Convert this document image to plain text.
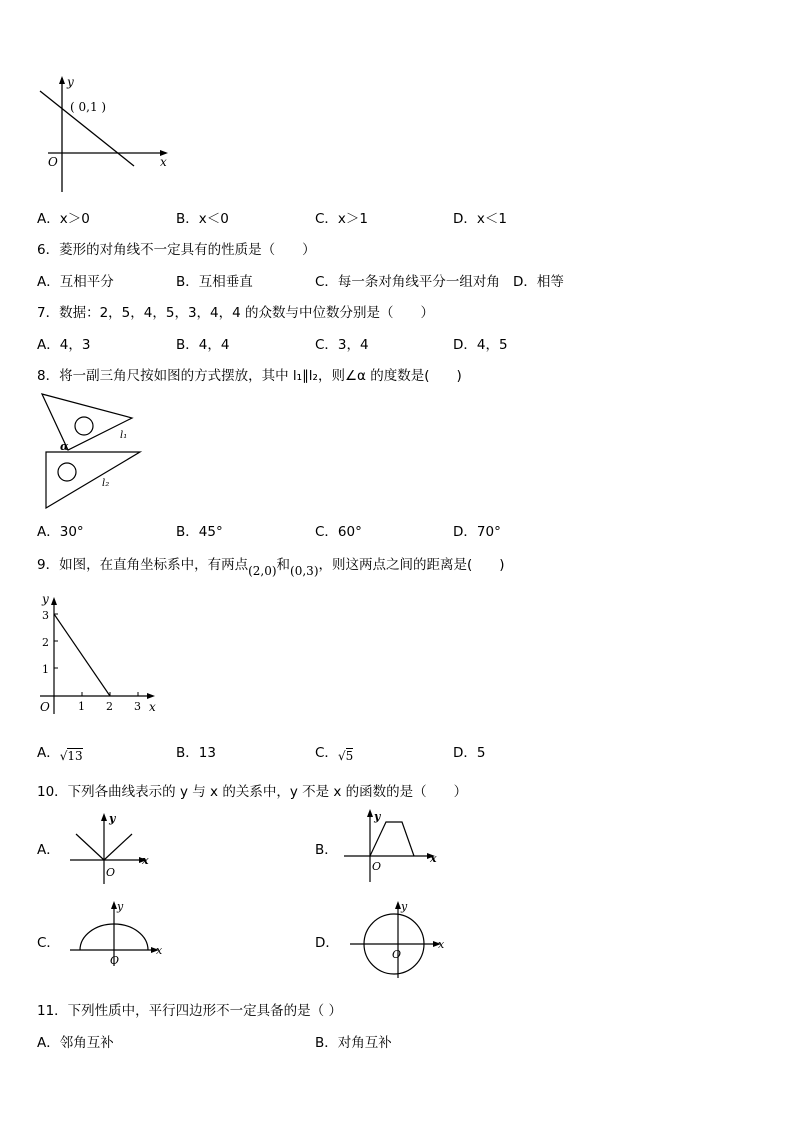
y
x
O
( 0,1 )
A．x＞0	B．x＜0	C．x＞1	D．x＜1
6．菱形的对角线不一定具有的性质是（　　）
A．互相平分	B．互相垂直	C．每一条对角线平分一组对角 D．相等
7．数据：2，5，4，5，3，4，4 的众数与中位数分别是（　　）
A．4，3	B．4，4	C．3，4	D．4，5
8．将一副三角尺按如图的方式摆放，其中 l₁∥l₂，则∠α 的度数是(　　)
α
l₁
l₂
A．30°	B．45°	C．60°	D．70°
9．如图，在直角坐标系中，有两点(2,0)和(0,3)，则这两点之间的距离是(　　)
y
x
O
1
2
3
1 2 3
A．√13	B．13	C．√5	D．5
10．下列各曲线表示的 y 与 x 的关系中，y 不是 x 的函数的是（　　）
A．
y
x
O
B．
y
x
O
C．
y
x
O
D．
y
x
O
11．下列性质中，平行四边形不一定具备的是（ ）
A．邻角互补	B．对角互补
